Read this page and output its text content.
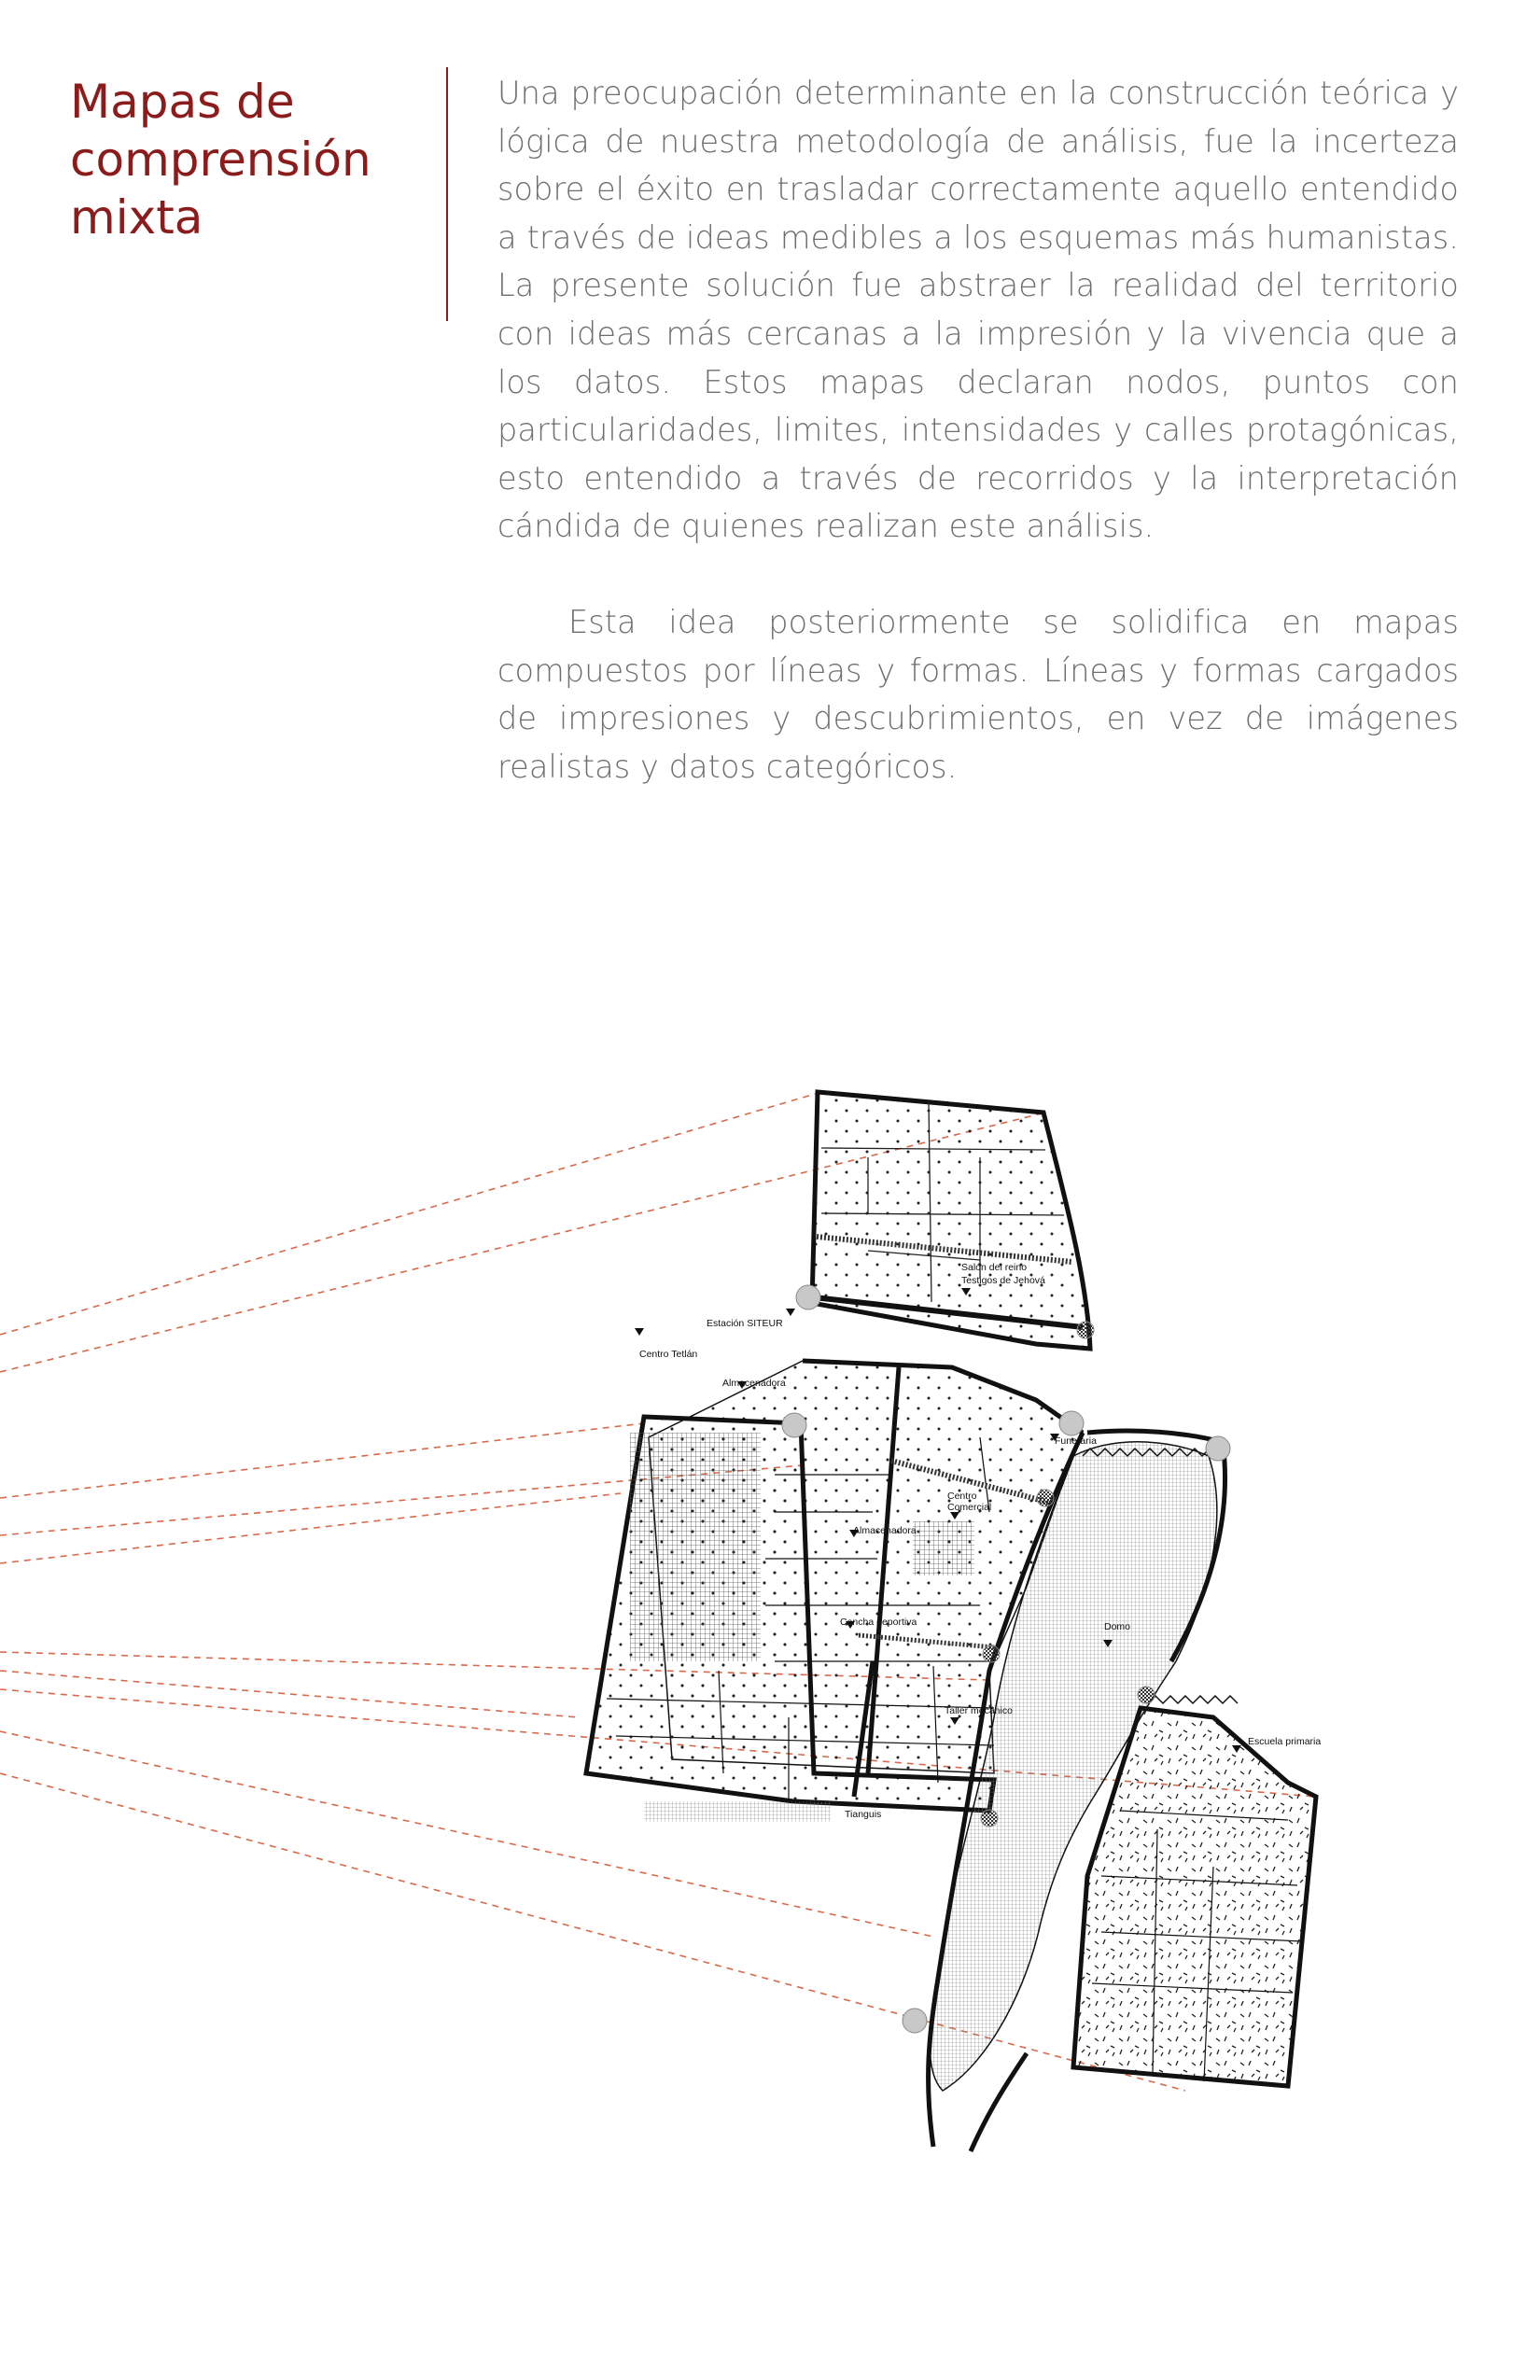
Mapas de
comprensión
mixta

Una preocupación determinante en la construcción teórica y lógica de nuestra metodología de análisis, fue la incerteza sobre el éxito en trasladar correctamente aquello entendido a través de ideas medibles a los esquemas más humanistas. La presente solución fue abstraer la realidad del territorio con ideas más cercanas a la impresión y la vivencia que a los datos. Estos mapas declaran nodos, puntos con particularidades, limites, intensidades y calles protagónicas, esto entendido a través de recorridos y la interpretación cándida de quienes realizan este análisis.

Esta idea posteriormente se solidifica en mapas compuestos por líneas y formas. Líneas y formas cargados de impresiones y descubrimientos, en vez de imágenes realistas y datos categóricos.

Salón del reino
Testigos de Jehová
Estación SITEUR
Centro Tetlán
Almacenadora
Funeraria
Centro
Comercial
Almacenadora
Cancha deportiva	Domo
Taller mecánico
Escuela primaria
Tianguis
